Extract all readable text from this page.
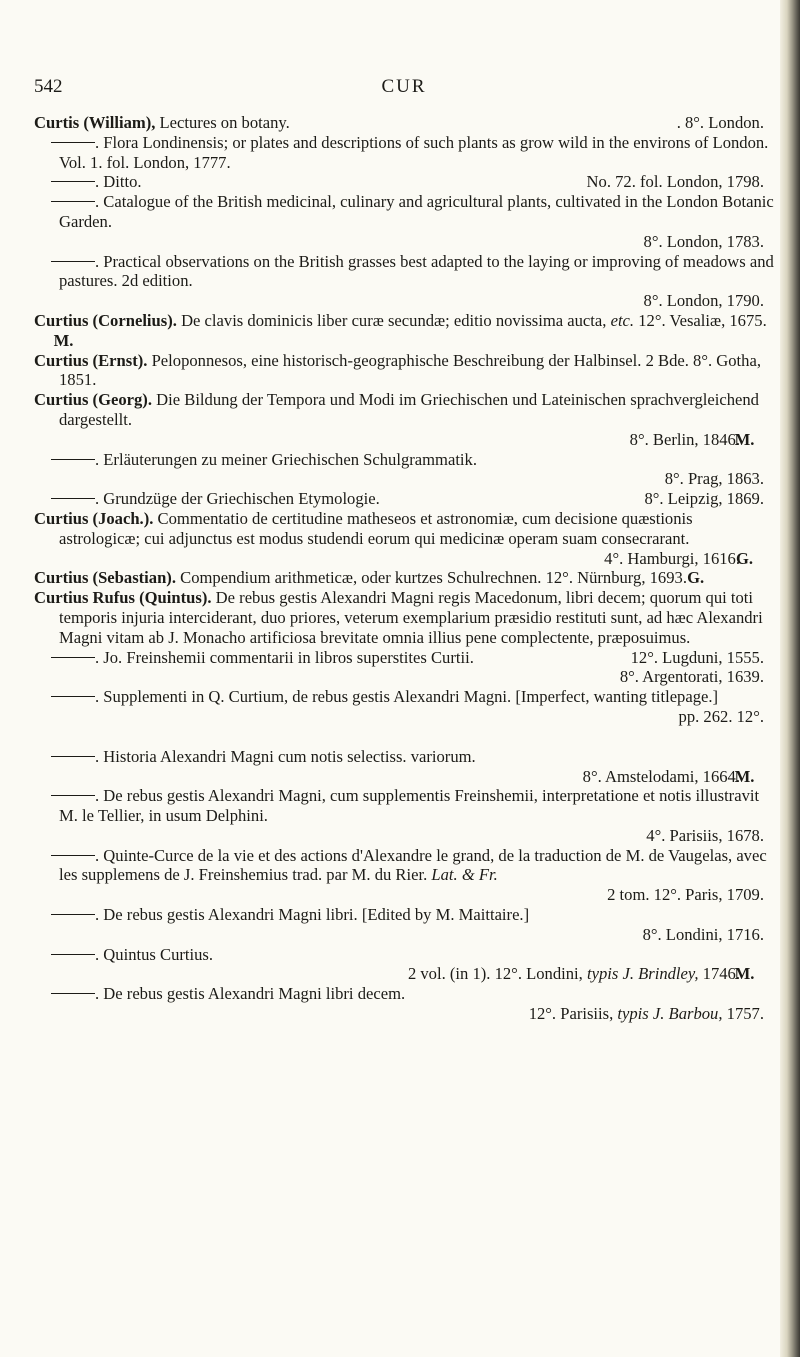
542	CUR
Curtis (William), Lectures on botany.	. 8°. London.
. Flora Londinensis; or plates and descriptions of such plants as grow wild in the environs of London. Vol. 1. fol. London, 1777.
. Ditto.	No. 72. fol. London, 1798.
. Catalogue of the British medicinal, culinary and agricultural plants, cultivated in the London Botanic Garden.
8°. London, 1783.
. Practical observations on the British grasses best adapted to the laying or improving of meadows and pastures. 2d edition.
8°. London, 1790.
Curtius (Cornelius). De clavis dominicis liber curæ secundæ; editio novissima aucta, etc. 12°. Vesaliæ, 1675. M.
Curtius (Ernst). Peloponnesos, eine historisch-geographische Beschreibung der Halbinsel. 2 Bde. 8°. Gotha, 1851.
Curtius (Georg). Die Bildung der Tempora und Modi im Griechischen und Lateinischen sprachvergleichend dargestellt.
8°. Berlin, 1846.M.
. Erläuterungen zu meiner Griechischen Schulgrammatik.
8°. Prag, 1863.
. Grundzüge der Griechischen Etymologie.	8°. Leipzig, 1869.
Curtius (Joach.). Commentatio de certitudine matheseos et astronomiæ, cum decisione quæstionis astrologicæ; cui adjunctus est modus studendi eorum qui medicinæ operam suam consecrarant.
4°. Hamburgi, 1616.G.
Curtius (Sebastian). Compendium arithmeticæ, oder kurtzes Schulrechnen. 12°. Nürnburg, 1693. G.
Curtius Rufus (Quintus). De rebus gestis Alexandri Magni regis Macedonum, libri decem; quorum qui toti temporis injuria interciderant, duo priores, veterum exemplarium præsidio restituti sunt, ad hæc Alexandri Magni vitam ab J. Monacho artificiosa brevitate omnia illius pene complectente, præposuimus.
12°. Lugduni, 1555.
. Jo. Freinshemii commentarii in libros superstites Curtii.
8°. Argentorati, 1639.
. Supplementi in Q. Curtium, de rebus gestis Alexandri Magni. [Imperfect, wanting titlepage.]
pp. 262. 12°.
. Historia Alexandri Magni cum notis selectiss. variorum.
8°. Amstelodami, 1664.M.
. De rebus gestis Alexandri Magni, cum supplementis Freinshemii, interpretatione et notis illustravit M. le Tellier, in usum Delphini.
4°. Parisiis, 1678.
. Quinte-Curce de la vie et des actions d'Alexandre le grand, de la traduction de M. de Vaugelas, avec les supplemens de J. Freinshemius trad. par M. du Rier. Lat. & Fr.
2 tom. 12°. Paris, 1709.
. De rebus gestis Alexandri Magni libri. [Edited by M. Maittaire.]
8°. Londini, 1716.
. Quintus Curtius.
2 vol. (in 1). 12°. Londini, typis J. Brindley, 1746.M.
. De rebus gestis Alexandri Magni libri decem.
12°. Parisiis, typis J. Barbou, 1757.
